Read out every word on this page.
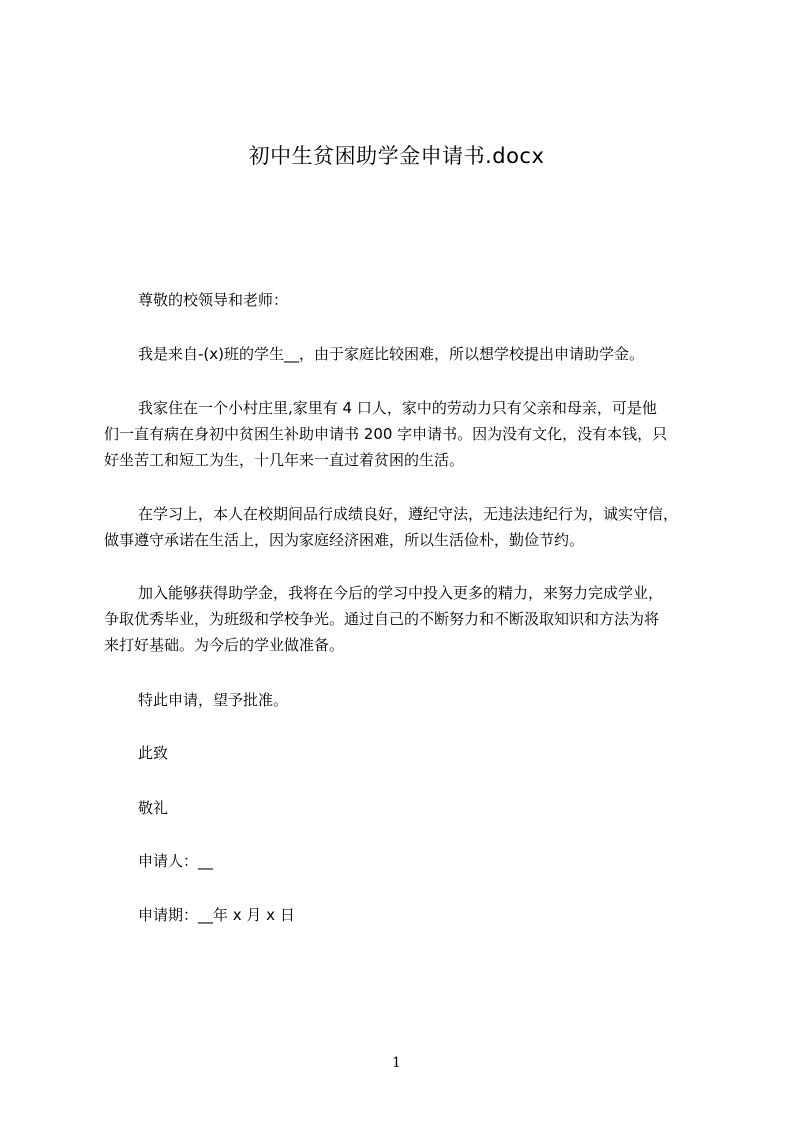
初中生贫困助学金申请书.docx

尊敬的校领导和老师：

我是来自-(x)班的学生__，由于家庭比较困难，所以想学校提出申请助学金。

我家住在一个小村庄里,家里有 4 口人，家中的劳动力只有父亲和母亲，可是他
们一直有病在身初中贫困生补助申请书 200 字申请书。因为没有文化，没有本钱，只
好坐苦工和短工为生，十几年来一直过着贫困的生活。
在学习上，本人在校期间品行成绩良好，遵纪守法，无违法违纪行为，诚实守信，
做事遵守承诺在生活上，因为家庭经济困难，所以生活俭朴，勤俭节约。
加入能够获得助学金，我将在今后的学习中投入更多的精力，来努力完成学业，
争取优秀毕业，为班级和学校争光。通过自己的不断努力和不断汲取知识和方法为将
来打好基础。为今后的学业做准备。

特此申请，望予批准。

此致

敬礼

申请人：__

申请期：__年 x 月 x 日

1
